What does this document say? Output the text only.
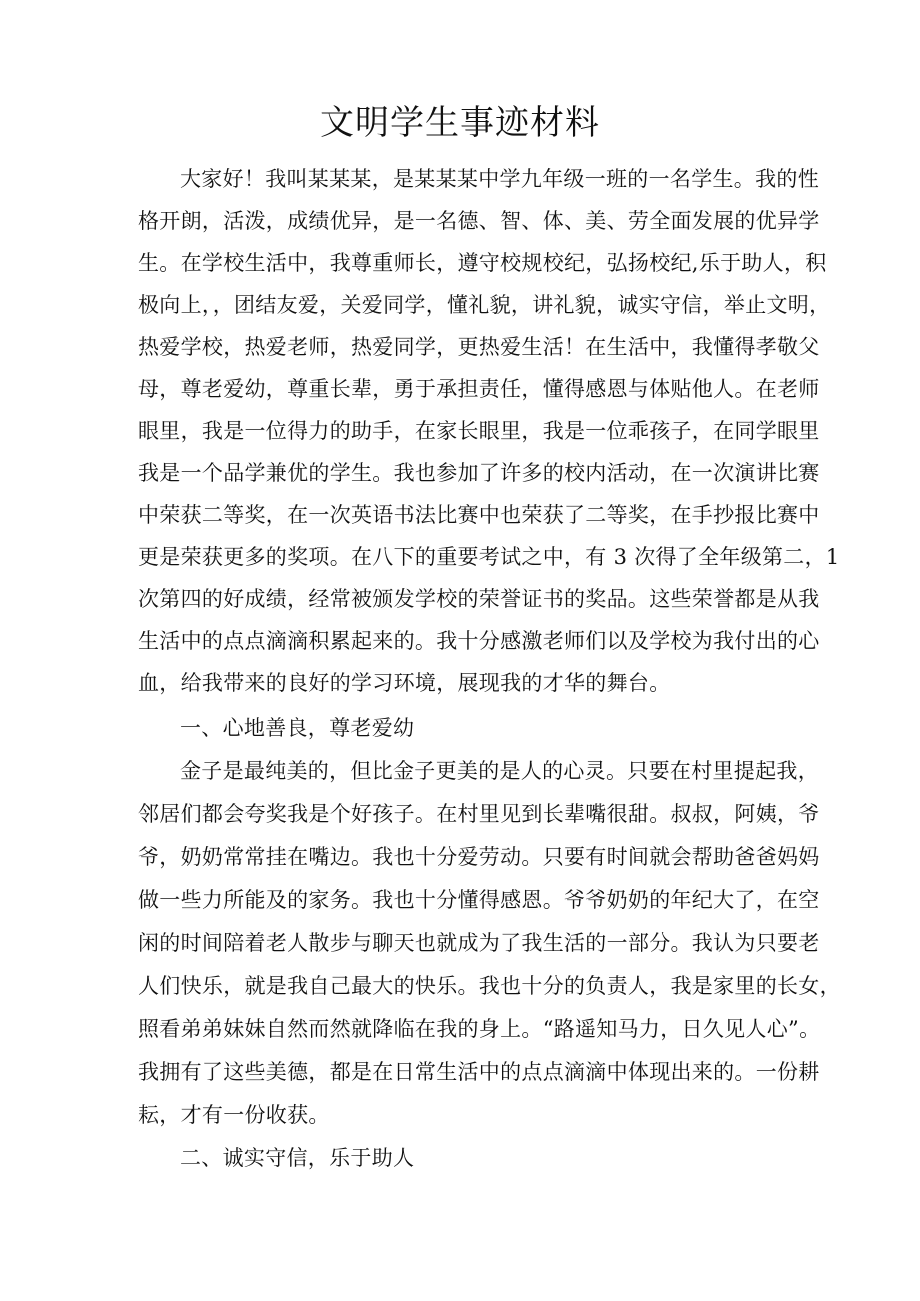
文明学生事迹材料
大家好！我叫某某某，是某某某中学九年级一班的一名学生。我的性
格开朗，活泼，成绩优异，是一名德、智、体、美、劳全面发展的优异学
生。在学校生活中，我尊重师长，遵守校规校纪，弘扬校纪,乐于助人，积
极向上，，团结友爱，关爱同学，懂礼貌，讲礼貌，诚实守信，举止文明，
热爱学校，热爱老师，热爱同学，更热爱生活！在生活中，我懂得孝敬父
母，尊老爱幼，尊重长辈，勇于承担责任，懂得感恩与体贴他人。在老师
眼里，我是一位得力的助手，在家长眼里，我是一位乖孩子，在同学眼里
我是一个品学兼优的学生。我也参加了许多的校内活动，在一次演讲比赛
中荣获二等奖，在一次英语书法比赛中也荣获了二等奖，在手抄报比赛中
更是荣获更多的奖项。在八下的重要考试之中，有 3 次得了全年级第二，1
次第四的好成绩，经常被颁发学校的荣誉证书的奖品。这些荣誉都是从我
生活中的点点滴滴积累起来的。我十分感激老师们以及学校为我付出的心
血，给我带来的良好的学习环境，展现我的才华的舞台。
一、心地善良，尊老爱幼
金子是最纯美的，但比金子更美的是人的心灵。只要在村里提起我，
邻居们都会夸奖我是个好孩子。在村里见到长辈嘴很甜。叔叔，阿姨，爷
爷，奶奶常常挂在嘴边。我也十分爱劳动。只要有时间就会帮助爸爸妈妈
做一些力所能及的家务。我也十分懂得感恩。爷爷奶奶的年纪大了，在空
闲的时间陪着老人散步与聊天也就成为了我生活的一部分。我认为只要老
人们快乐，就是我自己最大的快乐。我也十分的负责人，我是家里的长女，
照看弟弟妹妹自然而然就降临在我的身上。“路遥知马力，日久见人心”。
我拥有了这些美德，都是在日常生活中的点点滴滴中体现出来的。一份耕
耘，才有一份收获。
二、诚实守信，乐于助人
